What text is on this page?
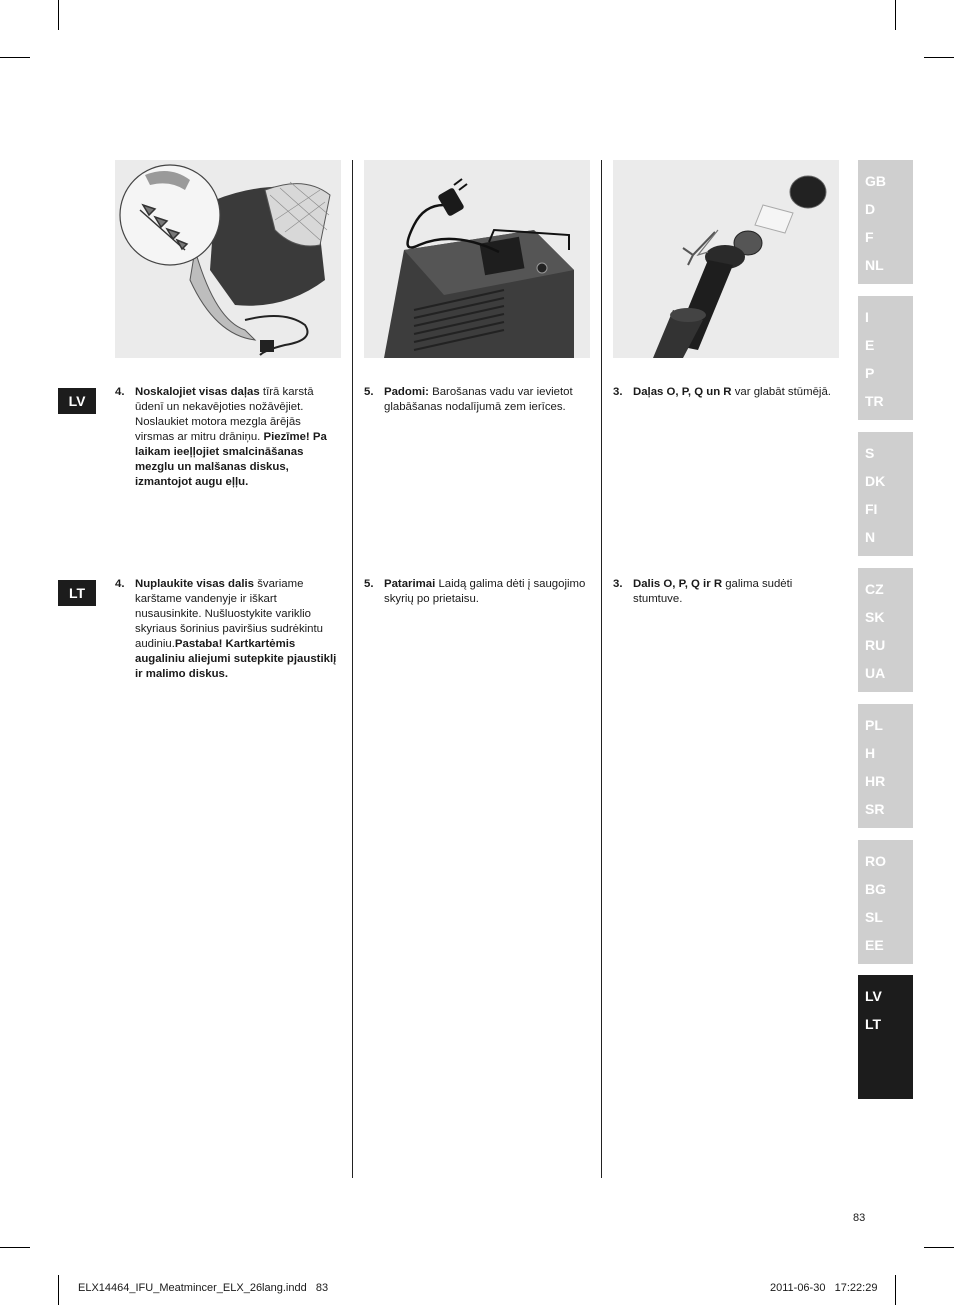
LV
LT
4. Noskalojiet visas daļas tīrā karstā ūdenī un nekavējoties nožāvējiet. Noslaukiet motora mezgla ārējās virsmas ar mitru drāniņu. Piezīme! Pa laikam ieeļļojiet smalcināšanas mezglu un malšanas diskus, izmantojot augu eļļu.
5. Padomi: Barošanas vadu var ievietot glabāšanas nodalījumā zem ierīces.
3. Daļas O, P, Q un R var glabāt stūmējā.
4. Nuplaukite visas dalis švariame karštame vandenyje ir iškart nusausinkite. Nušluostykite variklio skyriaus šorinius paviršius sudrėkintu audiniu.Pastaba! Kartkartėmis augaliniu aliejumi sutepkite pjaustiklį ir malimo diskus.
5. Patarimai Laidą galima dėti į saugojimo skyrių po prietaisu.
3. Dalis O, P, Q ir R galima sudėti stumtuve.
GB
D
F
NL
I
E
P
TR
S
DK
FI
N
CZ
SK
RU
UA
PL
H
HR
SR
RO
BG
SL
EE
LV
LT
83
ELX14464_IFU_Meatmincer_ELX_26lang.indd   83	2011-06-30   17:22:29
